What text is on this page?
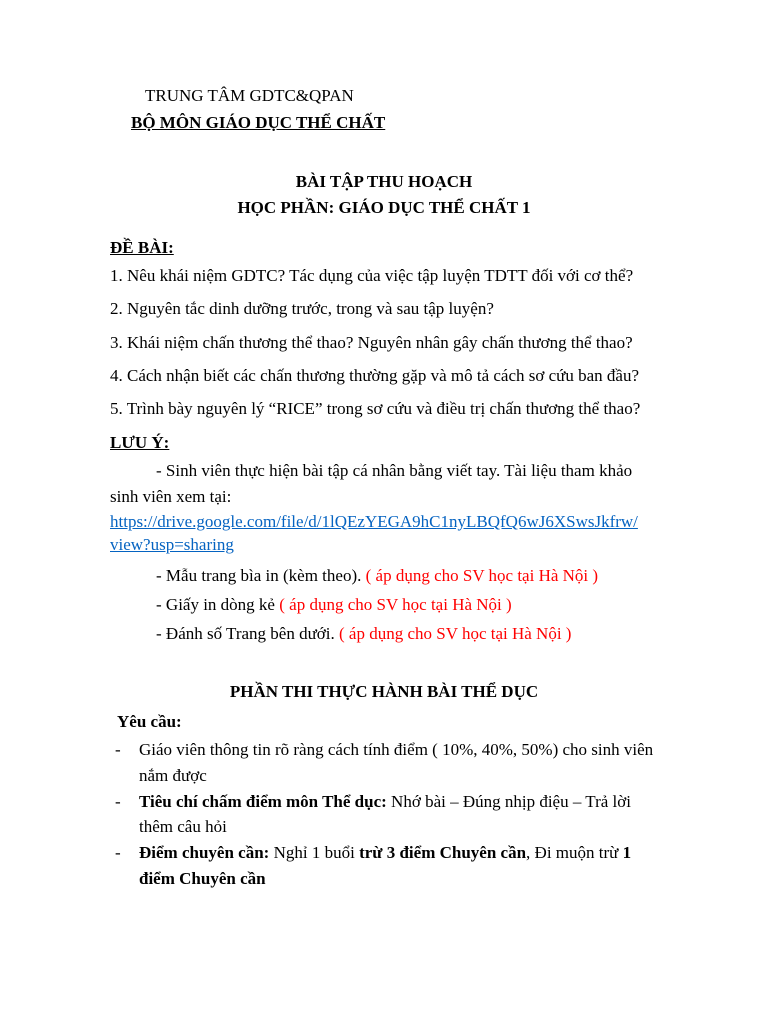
TRUNG TÂM GDTC&QPAN
BỘ MÔN GIÁO DỤC THỂ CHẤT
BÀI TẬP THU HOẠCH
HỌC PHẦN: GIÁO DỤC THỂ CHẤT 1
ĐỀ BÀI:
1. Nêu khái niệm GDTC? Tác dụng của việc tập luyện TDTT đối với cơ thể?
2. Nguyên tắc dinh dưỡng trước, trong và sau tập luyện?
3. Khái niệm chấn thương thể thao? Nguyên nhân gây chấn thương thể thao?
4. Cách nhận biết các chấn thương thường gặp và mô tả cách sơ cứu ban đầu?
5. Trình bày nguyên lý “RICE” trong sơ cứu và điều trị chấn thương thể thao?
LƯU Ý:
- Sinh viên thực hiện bài tập cá nhân bằng viết tay. Tài liệu tham khảo
sinh viên xem tại:
https://drive.google.com/file/d/1lQEzYEGA9hC1nyLBQfQ6wJ6XSwsJkfrw/
view?usp=sharing
- Mẫu trang bìa in (kèm theo). ( áp dụng cho SV học tại Hà Nội )
- Giấy in dòng kẻ ( áp dụng cho SV học tại Hà Nội )
- Đánh số Trang bên dưới. ( áp dụng cho SV học tại Hà Nội )
PHẦN THI THỰC HÀNH BÀI THỂ DỤC
Yêu cầu:
- Giáo viên thông tin rõ ràng cách tính điểm ( 10%, 40%, 50%) cho sinh viên
nắm được
- Tiêu chí chấm điểm môn Thể dục: Nhớ bài – Đúng nhịp điệu – Trả lời
thêm câu hỏi
- Điểm chuyên cần: Nghỉ 1 buổi trừ 3 điểm Chuyên cần, Đi muộn trừ 1
điểm Chuyên cần
